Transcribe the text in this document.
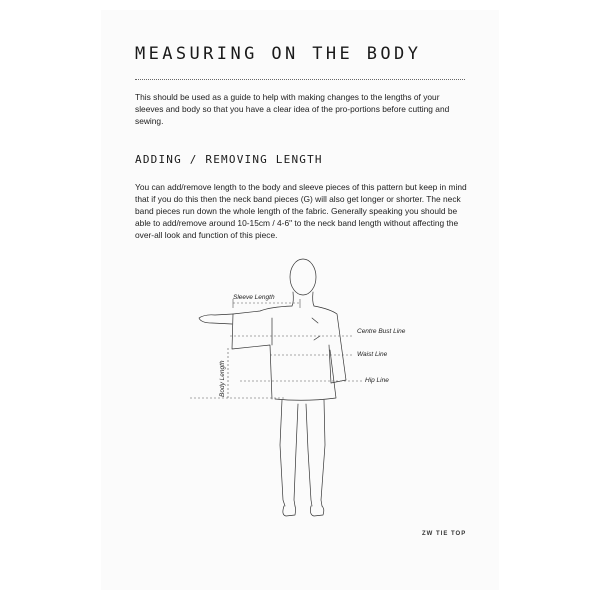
MEASURING ON THE BODY
This should be used as a guide to help with making changes to the lengths of your sleeves and body so that you have a clear idea of the pro-portions before cutting and sewing.
ADDING / REMOVING LENGTH
You can add/remove length to the body and sleeve pieces of this pattern but keep in mind that if you do this then the neck band pieces (G) will also get longer or shorter. The neck band pieces run down the whole length of the fabric. Generally speaking you should be able to add/remove around 10-15cm / 4-6" to the neck band length without affecting the over-all look and function of this piece.
Sleeve Length
Centre Bust Line
Waist Line
Hip Line
Body Length
ZW TIE TOP
